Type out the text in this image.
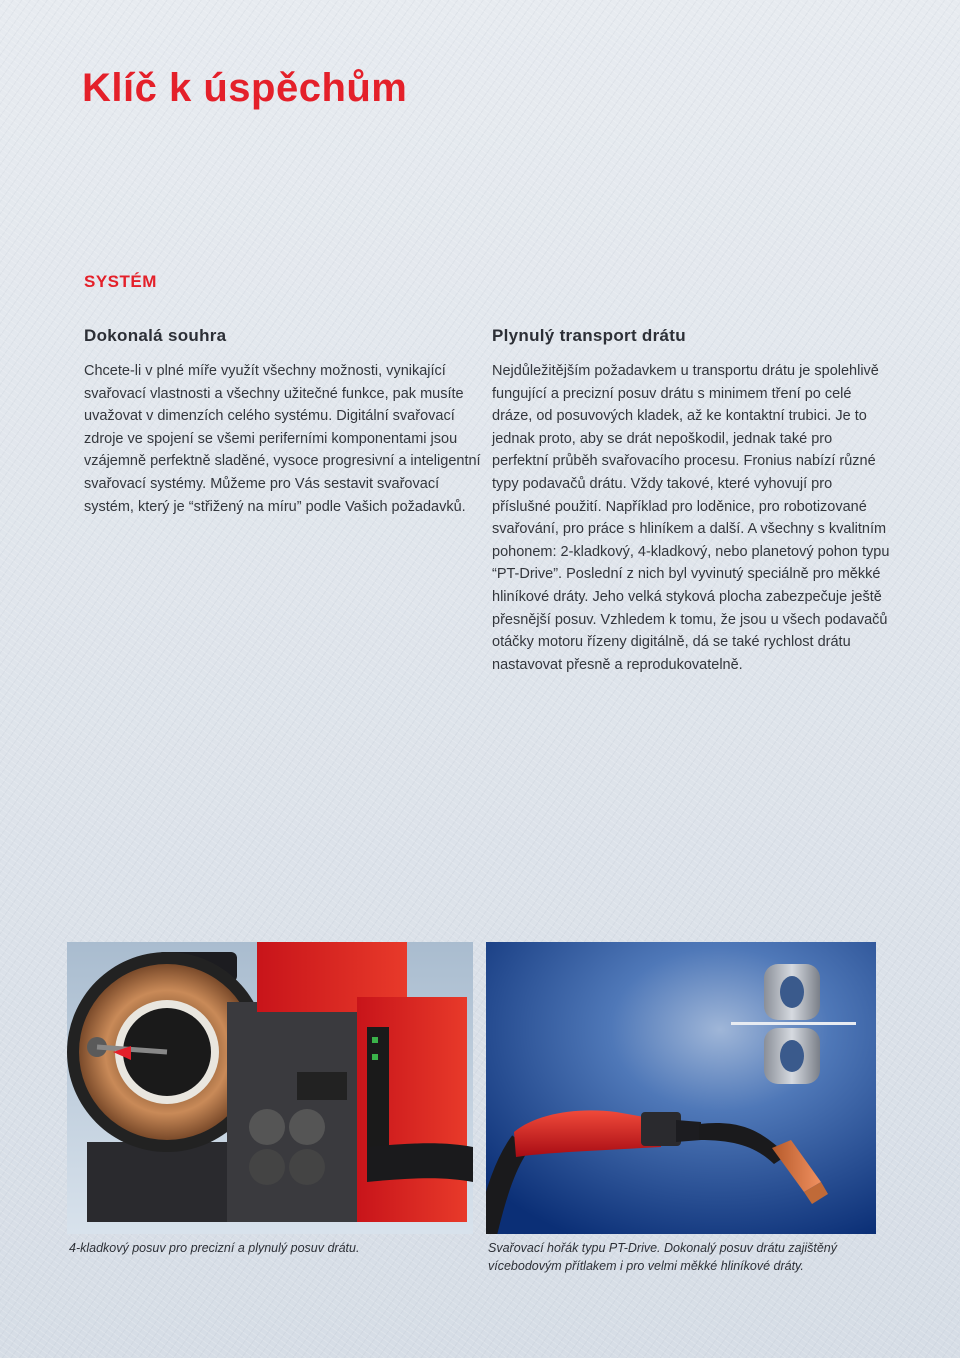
Klíč k úspěchům
SYSTÉM
Dokonalá souhra

Chcete-li v plné míře využít všechny možnosti, vynikající svařovací vlastnosti a všechny užitečné funkce, pak musíte uvažovat v dimenzích celého systému. Digitální svařovací zdroje ve spojení se všemi periferními komponentami jsou vzájemně perfektně sladěné, vysoce progresivní a inteligentní svařovací systémy. Můžeme pro Vás sestavit svařovací systém, který je “střižený na míru” podle Vašich požadavků.

Plynulý transport drátu

Nejdůležitějším požadavkem u transportu drátu je spolehlivě fungující a precizní posuv drátu s minimem tření po celé dráze, od posuvových kladek, až ke kontaktní trubici. Je to jednak proto, aby se drát nepoškodil, jednak také pro perfektní průběh svařovacího procesu. Fronius nabízí různé typy podavačů drátu. Vždy takové, které vyhovují pro příslušné použití. Například pro loděnice, pro robotizované svařování, pro práce s hliníkem a další. A všechny s kvalitním pohonem: 2-kladkový, 4-kladkový, nebo planetový pohon typu “PT-Drive”. Poslední z nich byl vyvinutý speciálně pro měkké hliníkové dráty. Jeho velká styková plocha zabezpečuje ještě přesnější posuv. Vzhledem k tomu, že jsou u všech podavačů otáčky motoru řízeny digitálně, dá se také rychlost drátu nastavovat přesně a reprodukovatelně.

4-kladkový posuv pro precizní a plynulý posuv drátu.	Svařovací hořák typu PT-Drive. Dokonalý posuv drátu zajištěný vícebodovým přítlakem i pro velmi měkké hliníkové dráty.
